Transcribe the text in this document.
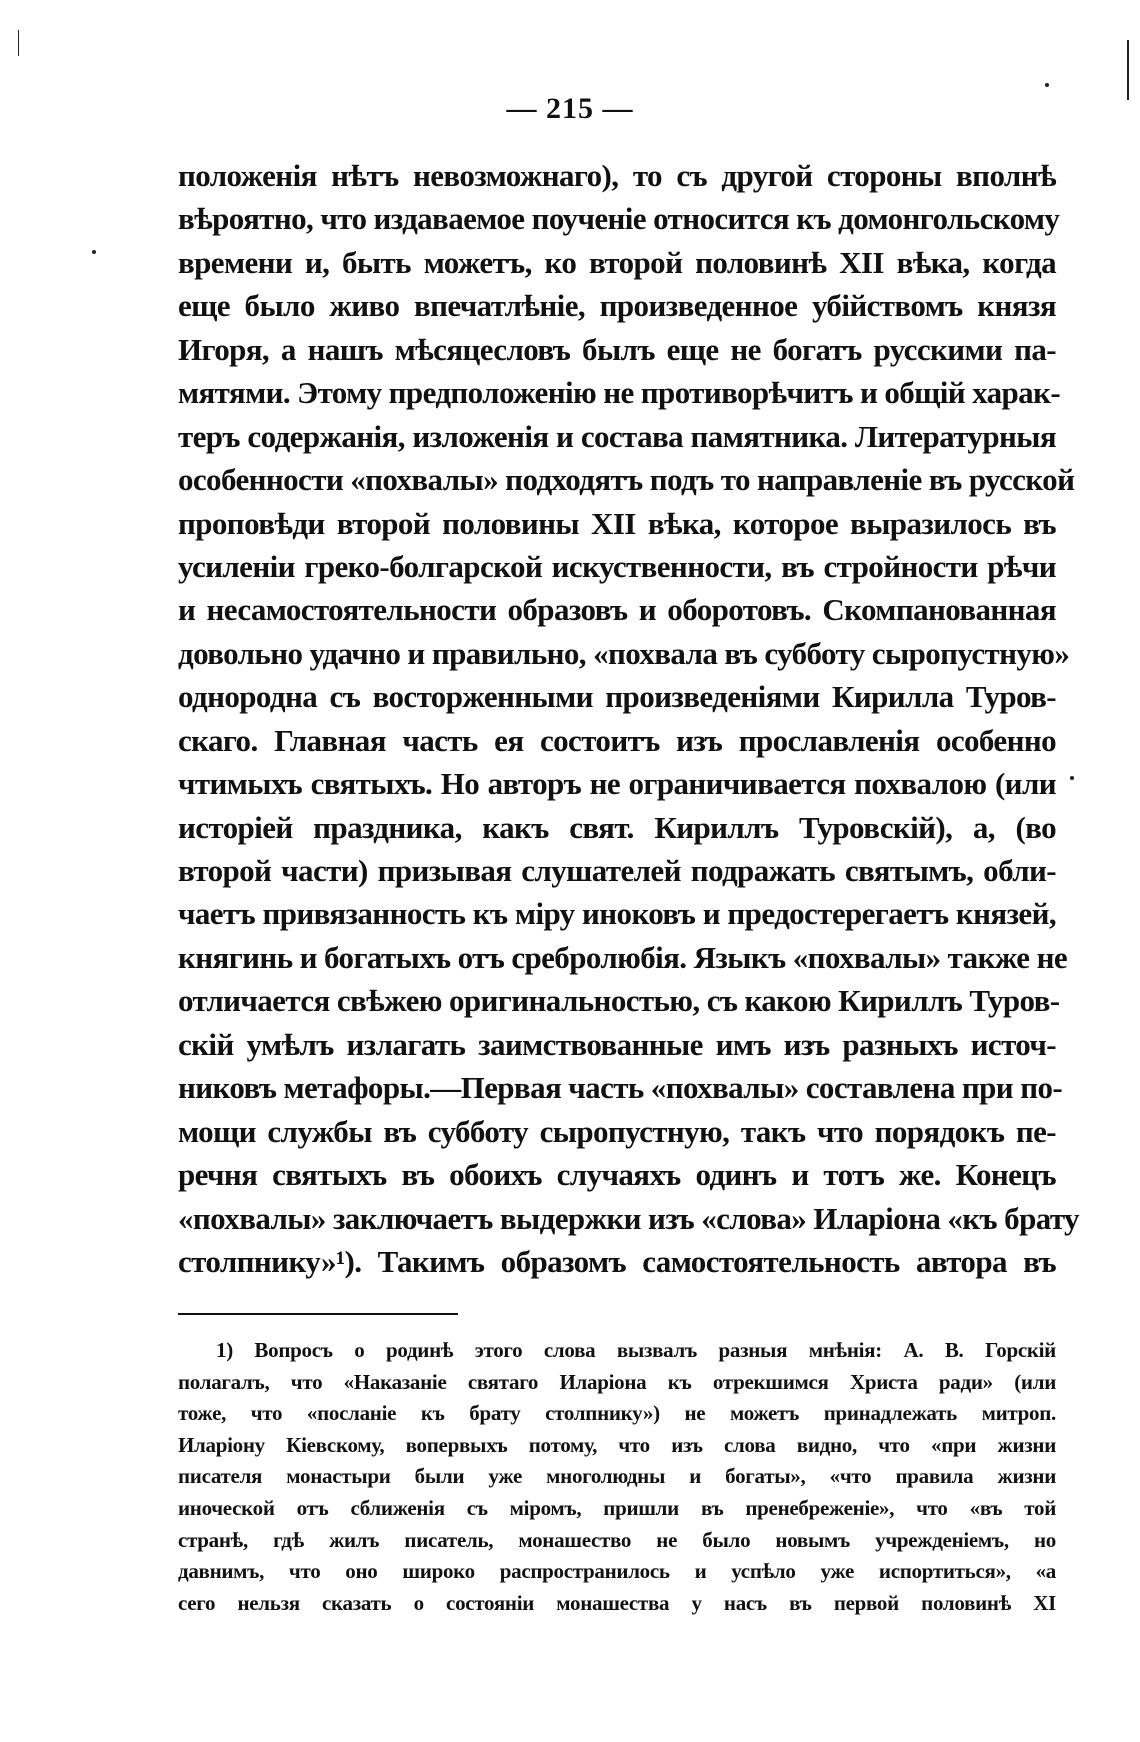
— 215 —
положенія нѣтъ невозможнаго), то съ другой стороны вполнѣ
вѣроятно, что издаваемое поученіе относится къ домонгольскому
времени и, быть можетъ, ко второй половинѣ XII вѣка, когда
еще было живо впечатлѣніе, произведенное убійствомъ князя
Игоря, а нашъ мѣсяцесловъ былъ еще не богатъ русскими па-
мятями. Этому предположенію не противорѣчитъ и общій харак-
теръ содержанія, изложенія и состава памятника. Литературныя
особенности «похвалы» подходятъ подъ то направленіе въ русской
проповѣди второй половины XII вѣка, которое выразилось въ
усиленіи греко-болгарской искуственности, въ стройности рѣчи
и несамостоятельности образовъ и оборотовъ. Скомпанованная
довольно удачно и правильно, «похвала въ субботу сыропустную»
однородна съ восторженными произведеніями Кирилла Туров-
скаго. Главная часть ея состоитъ изъ прославленія особенно
чтимыхъ святыхъ. Но авторъ не ограничивается похвалою (или
исторіей праздника, какъ свят. Кириллъ Туровскій), а, (во
второй части) призывая слушателей подражать святымъ, обли-
чаетъ привязанность къ міру иноковъ и предостерегаетъ князей,
княгинь и богатыхъ отъ сребролюбія. Языкъ «похвалы» также не
отличается свѣжею оригинальностью, съ какою Кириллъ Туров-
скій умѣлъ излагать заимствованные имъ изъ разныхъ источ-
никовъ метафоры.—Первая часть «похвалы» составлена при по-
мощи службы въ субботу сыропустную, такъ что порядокъ пе-
речня святыхъ въ обоихъ случаяхъ одинъ и тотъ же. Конецъ
«похвалы» заключаетъ выдержки изъ «слова» Иларіона «къ брату
столпнику»¹). Такимъ образомъ самостоятельность автора въ
1) Вопросъ о родинѣ этого слова вызвалъ разныя мнѣнія: А. В. Горскій
полагалъ, что «Наказаніе святаго Иларіона къ отрекшимся Христа ради» (или
тоже, что «посланіе къ брату столпнику») не можетъ принадлежать митроп.
Иларіону Кіевскому, вопервыхъ потому, что изъ слова видно, что «при жизни
писателя монастыри были уже многолюдны и богаты», «что правила жизни
иноческой отъ сближенія съ міромъ, пришли въ пренебреженіе», что «въ той
странѣ, гдѣ жилъ писатель, монашество не было новымъ учрежденіемъ, но
давнимъ, что оно широко распространилось и успѣло уже испортиться», «а
сего нельзя сказать о состояніи монашества у насъ въ первой половинѣ XI
